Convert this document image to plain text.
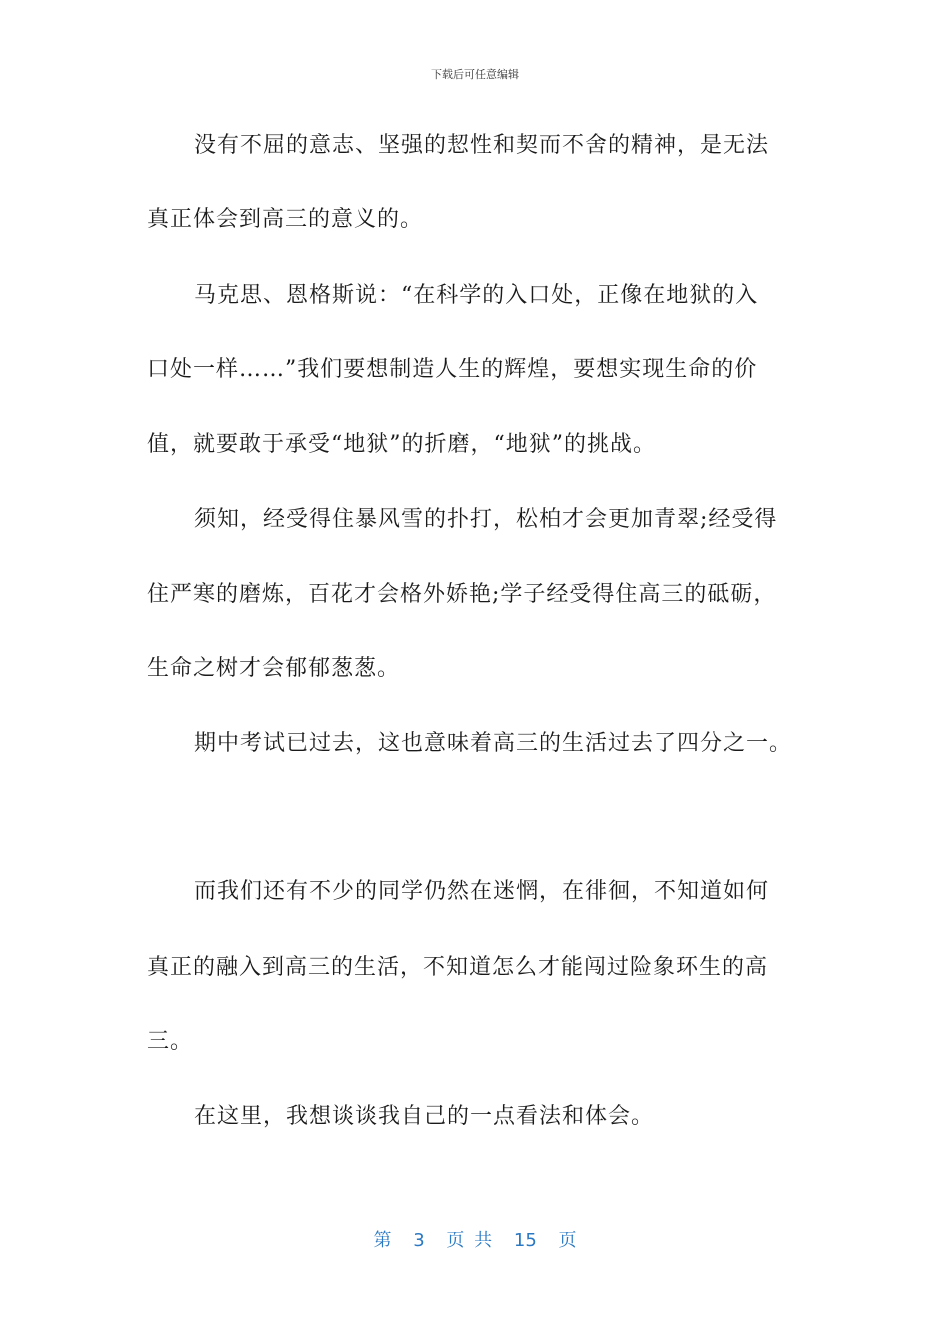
下载后可任意编辑
没有不屈的意志、坚强的恝性和契而不舍的精神，是无法
真正体会到高三的意义的。
马克思、恩格斯说：“在科学的入口处，正像在地狱的入
口处一样……”我们要想制造人生的辉煌，要想实现生命的价
值，就要敢于承受“地狱”的折磨，“地狱”的挑战。
须知，经受得住暴风雪的扑打，松柏才会更加青翠;经受得
住严寒的磨炼，百花才会格外娇艳;学子经受得住高三的砥砺，
生命之树才会郁郁葱葱。
期中考试已过去，这也意味着高三的生活过去了四分之一。
而我们还有不少的同学仍然在迷惘，在徘徊，不知道如何
真正的融入到高三的生活，不知道怎么才能闯过险象环生的高
三。
在这里，我想谈谈我自己的一点看法和体会。
第 3 页 共 15 页
